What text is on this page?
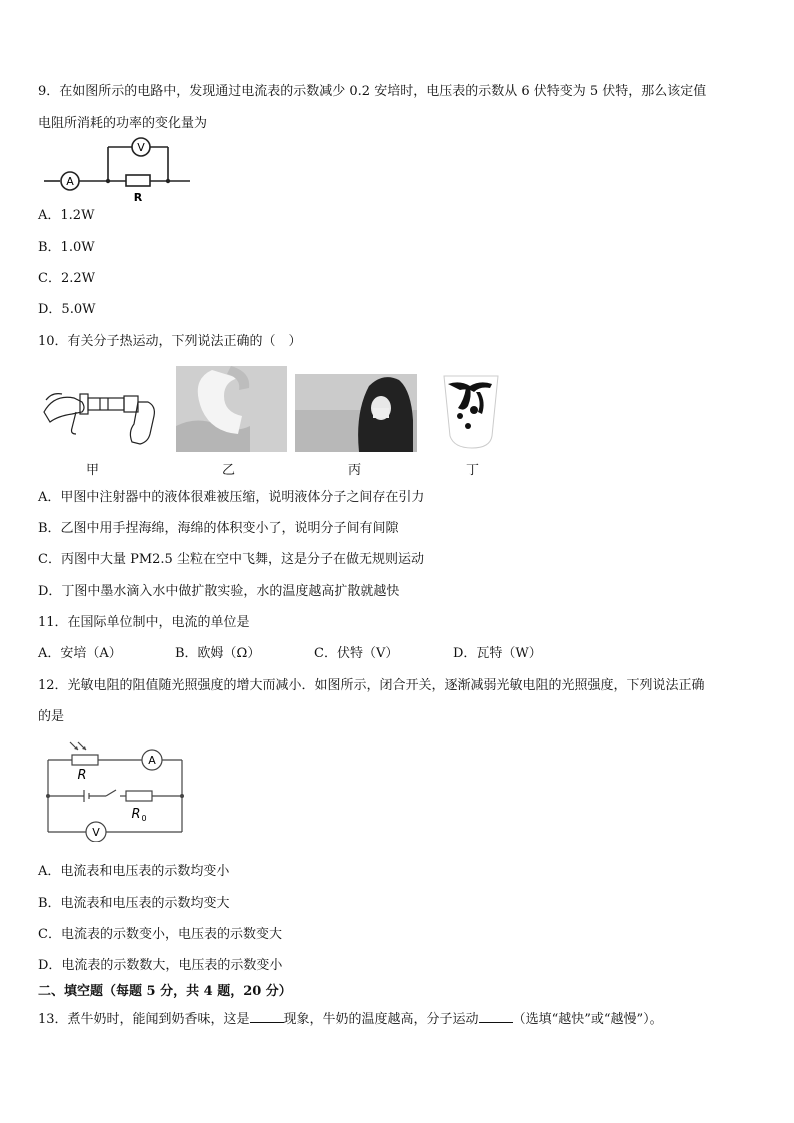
9．在如图所示的电路中，发现通过电流表的示数减少 0.2 安培时，电压表的示数从 6 伏特变为 5 伏特，那么该定值
电阻所消耗的功率的变化量为
A
V
R
A．1.2W
B．1.0W
C．2.2W
D．5.0W
10．有关分子热运动，下列说法正确的（　）
甲	乙	丙	丁
A．甲图中注射器中的液体很难被压缩，说明液体分子之间存在引力
B．乙图中用手捏海绵，海绵的体积变小了，说明分子间有间隙
C．丙图中大量 PM2.5 尘粒在空中飞舞，这是分子在做无规则运动
D．丁图中墨水滴入水中做扩散实验，水的温度越高扩散就越快
11．在国际单位制中，电流的单位是
A．安培（A）	B．欧姆（Ω）	C．伏特（V）	D．瓦特（W）
12．光敏电阻的阻值随光照强度的增大而减小．如图所示，闭合开关，逐渐减弱光敏电阻的光照强度，下列说法正确
的是
R
A
R 0
V
A．电流表和电压表的示数均变小
B．电流表和电压表的示数均变大
C．电流表的示数变小，电压表的示数变大
D．电流表的示数数大，电压表的示数变小
二、填空题（每题 5 分，共 4 题，20 分）
13．煮牛奶时，能闻到奶香味，这是	现象，牛奶的温度越高，分子运动	（选填“越快”或“越慢”）。
